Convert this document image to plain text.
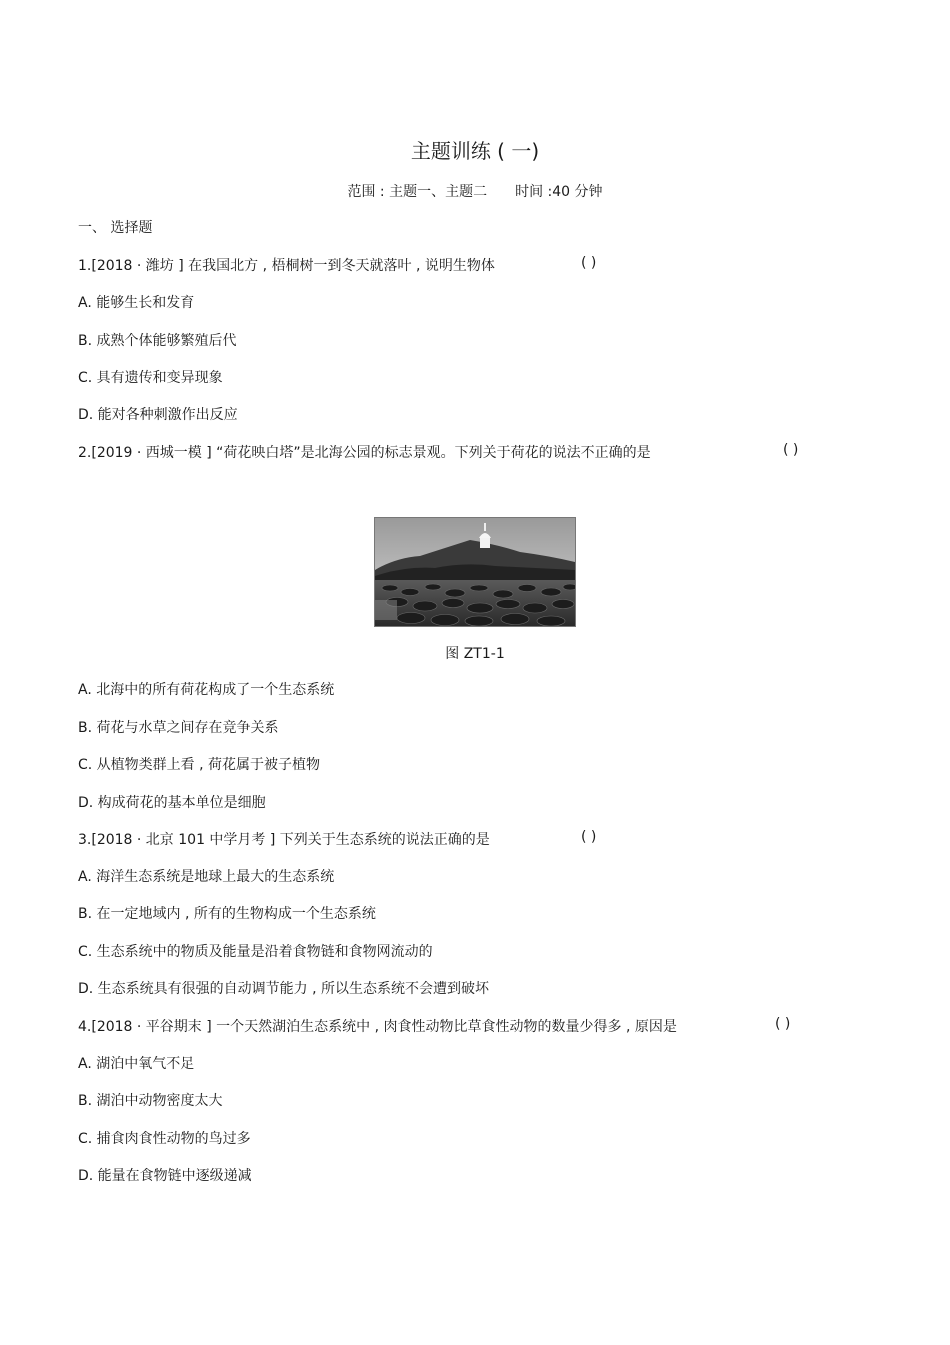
主题训练 ( 一)
范围 : 主题一、主题二　　时间 :40 分钟
一、 选择题
1.[2018 · 潍坊 ] 在我国北方 , 梧桐树一到冬天就落叶 , 说明生物体	( )
A. 能够生长和发育
B. 成熟个体能够繁殖后代
C. 具有遗传和变异现象
D. 能对各种刺激作出反应
2.[2019 · 西城一模 ] “荷花映白塔”是北海公园的标志景观。下列关于荷花的说法不正确的是	( )
图 ZT1-1
A. 北海中的所有荷花构成了一个生态系统
B. 荷花与水草之间存在竞争关系
C. 从植物类群上看 , 荷花属于被子植物
D. 构成荷花的基本单位是细胞
3.[2018 · 北京 101 中学月考 ] 下列关于生态系统的说法正确的是	( )
A. 海洋生态系统是地球上最大的生态系统
B. 在一定地域内 , 所有的生物构成一个生态系统
C. 生态系统中的物质及能量是沿着食物链和食物网流动的
D. 生态系统具有很强的自动调节能力 , 所以生态系统不会遭到破坏
4.[2018 · 平谷期末 ] 一个天然湖泊生态系统中 , 肉食性动物比草食性动物的数量少得多 , 原因是	( )
A. 湖泊中氧气不足
B. 湖泊中动物密度太大
C. 捕食肉食性动物的鸟过多
D. 能量在食物链中逐级递减
